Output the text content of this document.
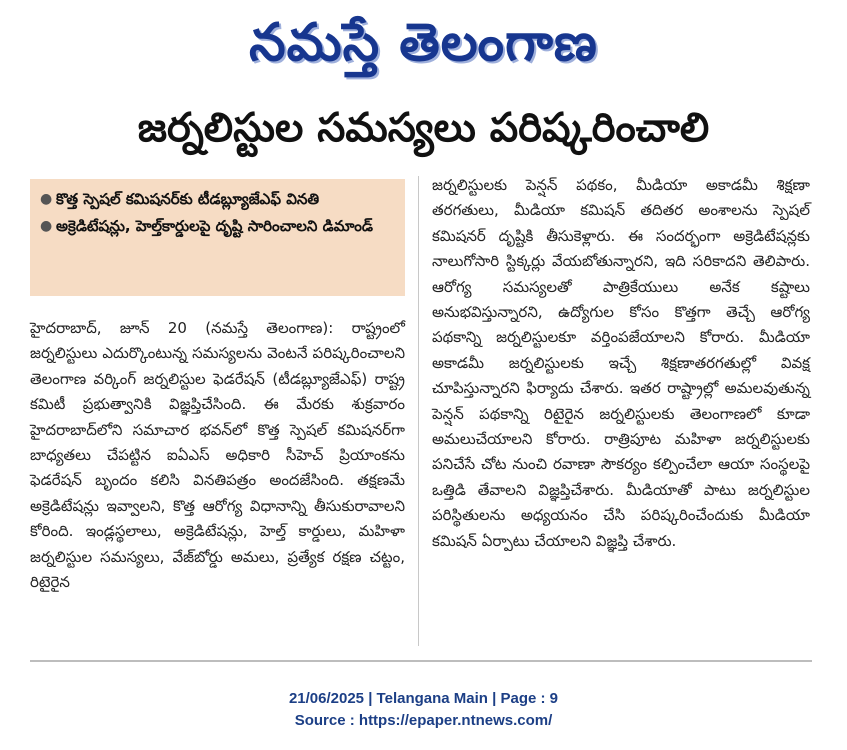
నమస్తే తెలంగాణ
జర్నలిస్టుల సమస్యలు పరిష్కరించాలి
● కొత్త స్పెషల్ కమిషనర్‌కు టీడబ్ల్యూజేఎఫ్ వినతి
● అక్రెడిటేషన్లు, హెల్త్‌కార్డులపై దృష్టి సారించాలని డిమాండ్

హైదరాబాద్, జూన్ 20 (నమస్తే తెలంగాణ): రాష్ట్రంలో జర్నలిస్టులు ఎదుర్కొంటున్న సమస్యలను వెంటనే పరిష్కరించాలని తెలంగాణ వర్కింగ్ జర్నలిస్టుల ఫెడరేషన్ (టీడబ్ల్యూజేఎఫ్) రాష్ట్ర కమిటీ ప్రభుత్వానికి విజ్ఞప్తిచేసింది. ఈ మేరకు శుక్రవారం హైదరాబాద్‌లోని సమాచార భవన్‌లో కొత్త స్పెషల్ కమిషనర్‌గా బాధ్యతలు చేపట్టిన ఐఏఎస్ అధికారి సీహెచ్ ప్రియాంకను ఫెడరేషన్ బృందం కలిసి వినతిపత్రం అందజేసింది. తక్షణమే అక్రెడిటేషన్లు ఇవ్వాలని, కొత్త ఆరోగ్య విధానాన్ని తీసుకురావాలని కోరింది. ఇండ్లస్థలాలు, అక్రెడిటేషన్లు, హెల్త్ కార్డులు, మహిళా జర్నలిస్టుల సమస్యలు, వేజ్‌బోర్డు అమలు, ప్రత్యేక రక్షణ చట్టం, రిటైరైన

జర్నలిస్టులకు పెన్షన్ పథకం, మీడియా అకాడమీ శిక్షణా తరగతులు, మీడియా కమిషన్ తదితర అంశాలను స్పెషల్ కమిషనర్ దృష్టికి తీసుకెళ్లారు. ఈ సందర్భంగా అక్రెడిటేషన్లకు నాలుగోసారి స్టిక్కర్లు వేయబోతున్నారని, ఇది సరికాదని తెలిపారు. ఆరోగ్య సమస్యలతో పాత్రికేయులు అనేక కష్టాలు అనుభవిస్తున్నారని, ఉద్యోగుల కోసం కొత్తగా తెచ్చే ఆరోగ్య పథకాన్ని జర్నలిస్టులకూ వర్తింపజేయాలని కోరారు. మీడియా అకాడమీ జర్నలిస్టులకు ఇచ్చే శిక్షణాతరగతుల్లో వివక్ష చూపిస్తున్నారని ఫిర్యాదు చేశారు. ఇతర రాష్ట్రాల్లో అమలవుతున్న పెన్షన్ పథకాన్ని రిటైరైన జర్నలిస్టులకు తెలంగాణలో కూడా అమలుచేయాలని కోరారు. రాత్రిపూట మహిళా జర్నలిస్టులకు పనిచేసే చోట నుంచి రవాణా సౌకర్యం కల్పించేలా ఆయా సంస్థలపై ఒత్తిడి తేవాలని విజ్ఞప్తిచేశారు. మీడియాతో పాటు జర్నలిస్టుల పరిస్థితులను అధ్యయనం చేసి పరిష్కరించేందుకు మీడియా కమిషన్ ఏర్పాటు చేయాలని విజ్ఞప్తి చేశారు.

21/06/2025 | Telangana Main | Page : 9
Source : https://epaper.ntnews.com/
